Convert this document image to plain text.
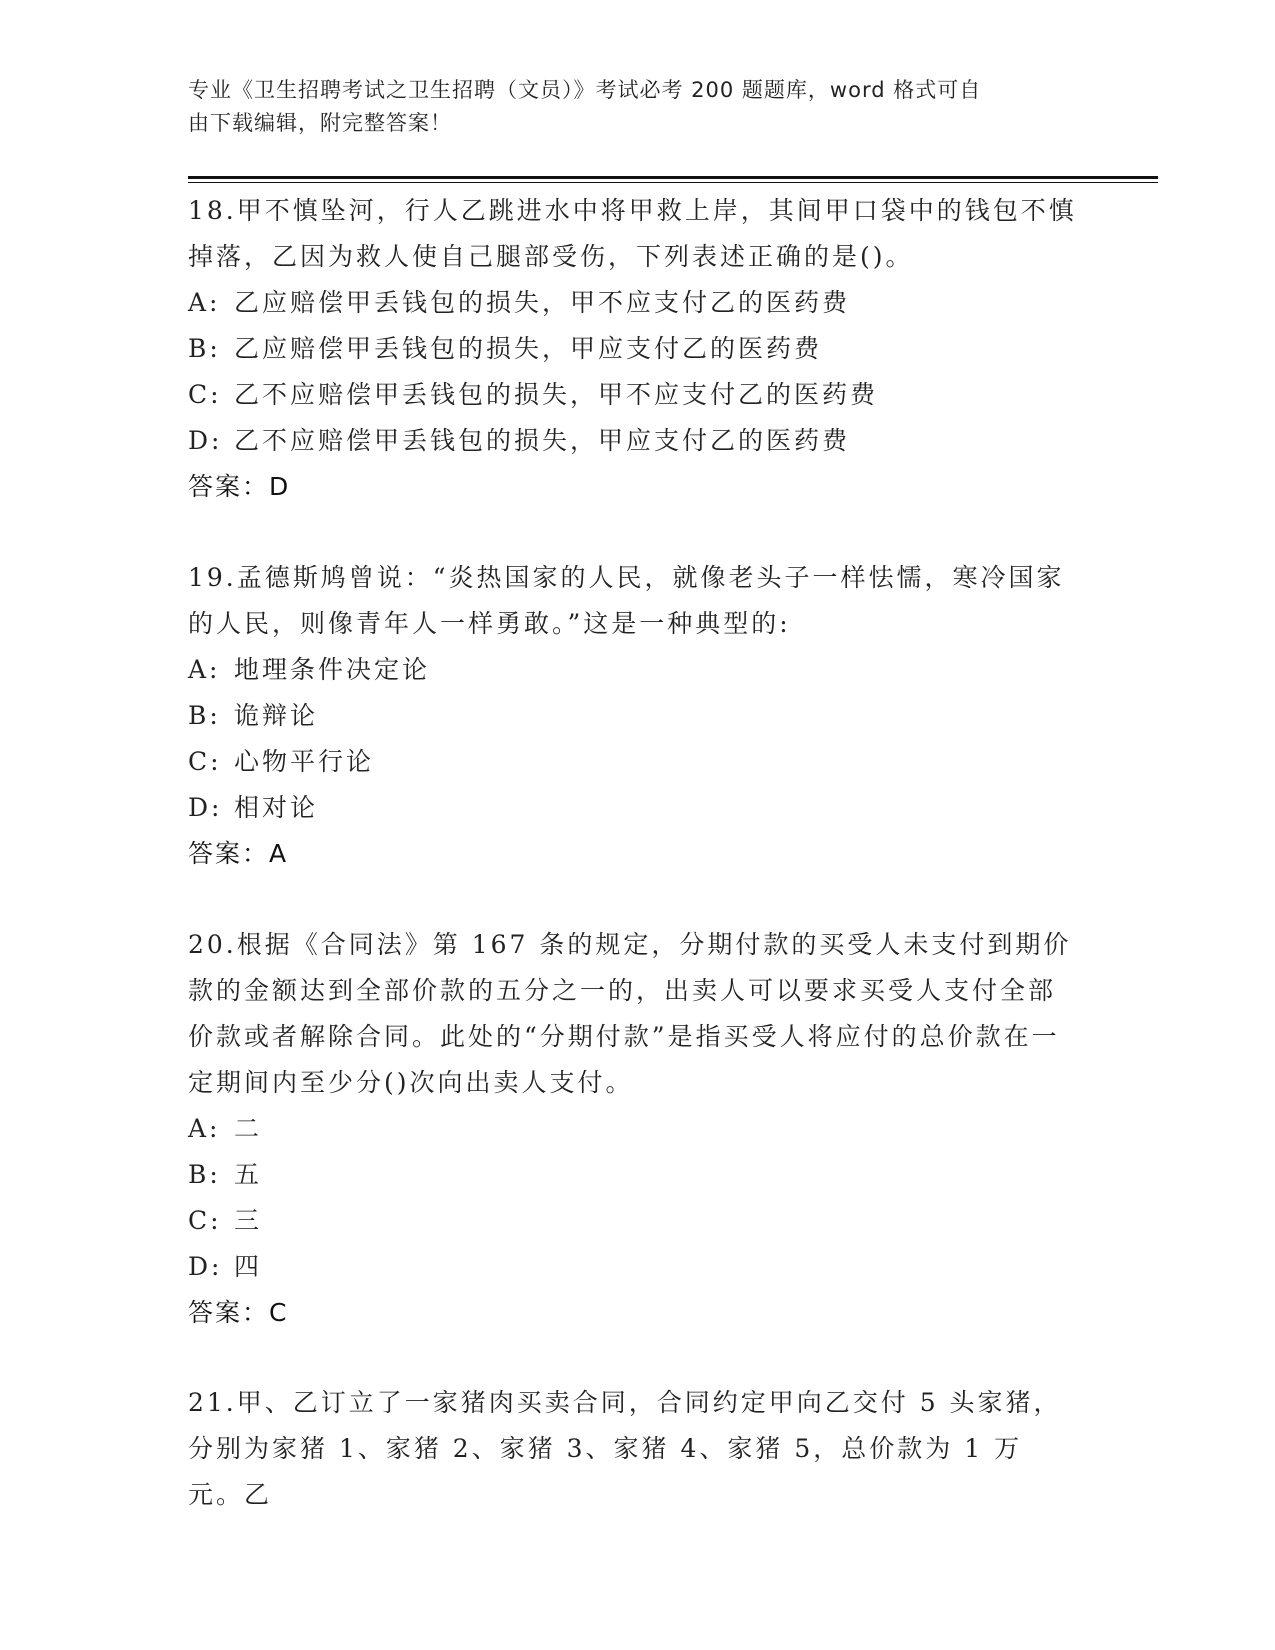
专业《卫生招聘考试之卫生招聘（文员）》考试必考 200 题题库，word 格式可自
由下载编辑，附完整答案！
18.甲不慎坠河，行人乙跳进水中将甲救上岸，其间甲口袋中的钱包不慎掉落，乙因为救人使自己腿部受伤，下列表述正确的是()。
A: 乙应赔偿甲丢钱包的损失，甲不应支付乙的医药费
B: 乙应赔偿甲丢钱包的损失，甲应支付乙的医药费
C: 乙不应赔偿甲丢钱包的损失，甲不应支付乙的医药费
D: 乙不应赔偿甲丢钱包的损失，甲应支付乙的医药费
答案：D
19.孟德斯鸠曾说：“炎热国家的人民，就像老头子一样怯懦，寒冷国家的人民，则像青年人一样勇敢。”这是一种典型的:
A: 地理条件决定论
B: 诡辩论
C: 心物平行论
D: 相对论
答案：A
20.根据《合同法》第 167 条的规定，分期付款的买受人未支付到期价款的金额达到全部价款的五分之一的，出卖人可以要求买受人支付全部价款或者解除合同。此处的“分期付款”是指买受人将应付的总价款在一定期间内至少分()次向出卖人支付。
A: 二
B: 五
C: 三
D: 四
答案：C
21.甲、乙订立了一家猪肉买卖合同，合同约定甲向乙交付 5 头家猪，分别为家猪 1、家猪 2、家猪 3、家猪 4、家猪 5，总价款为 1 万元。乙
